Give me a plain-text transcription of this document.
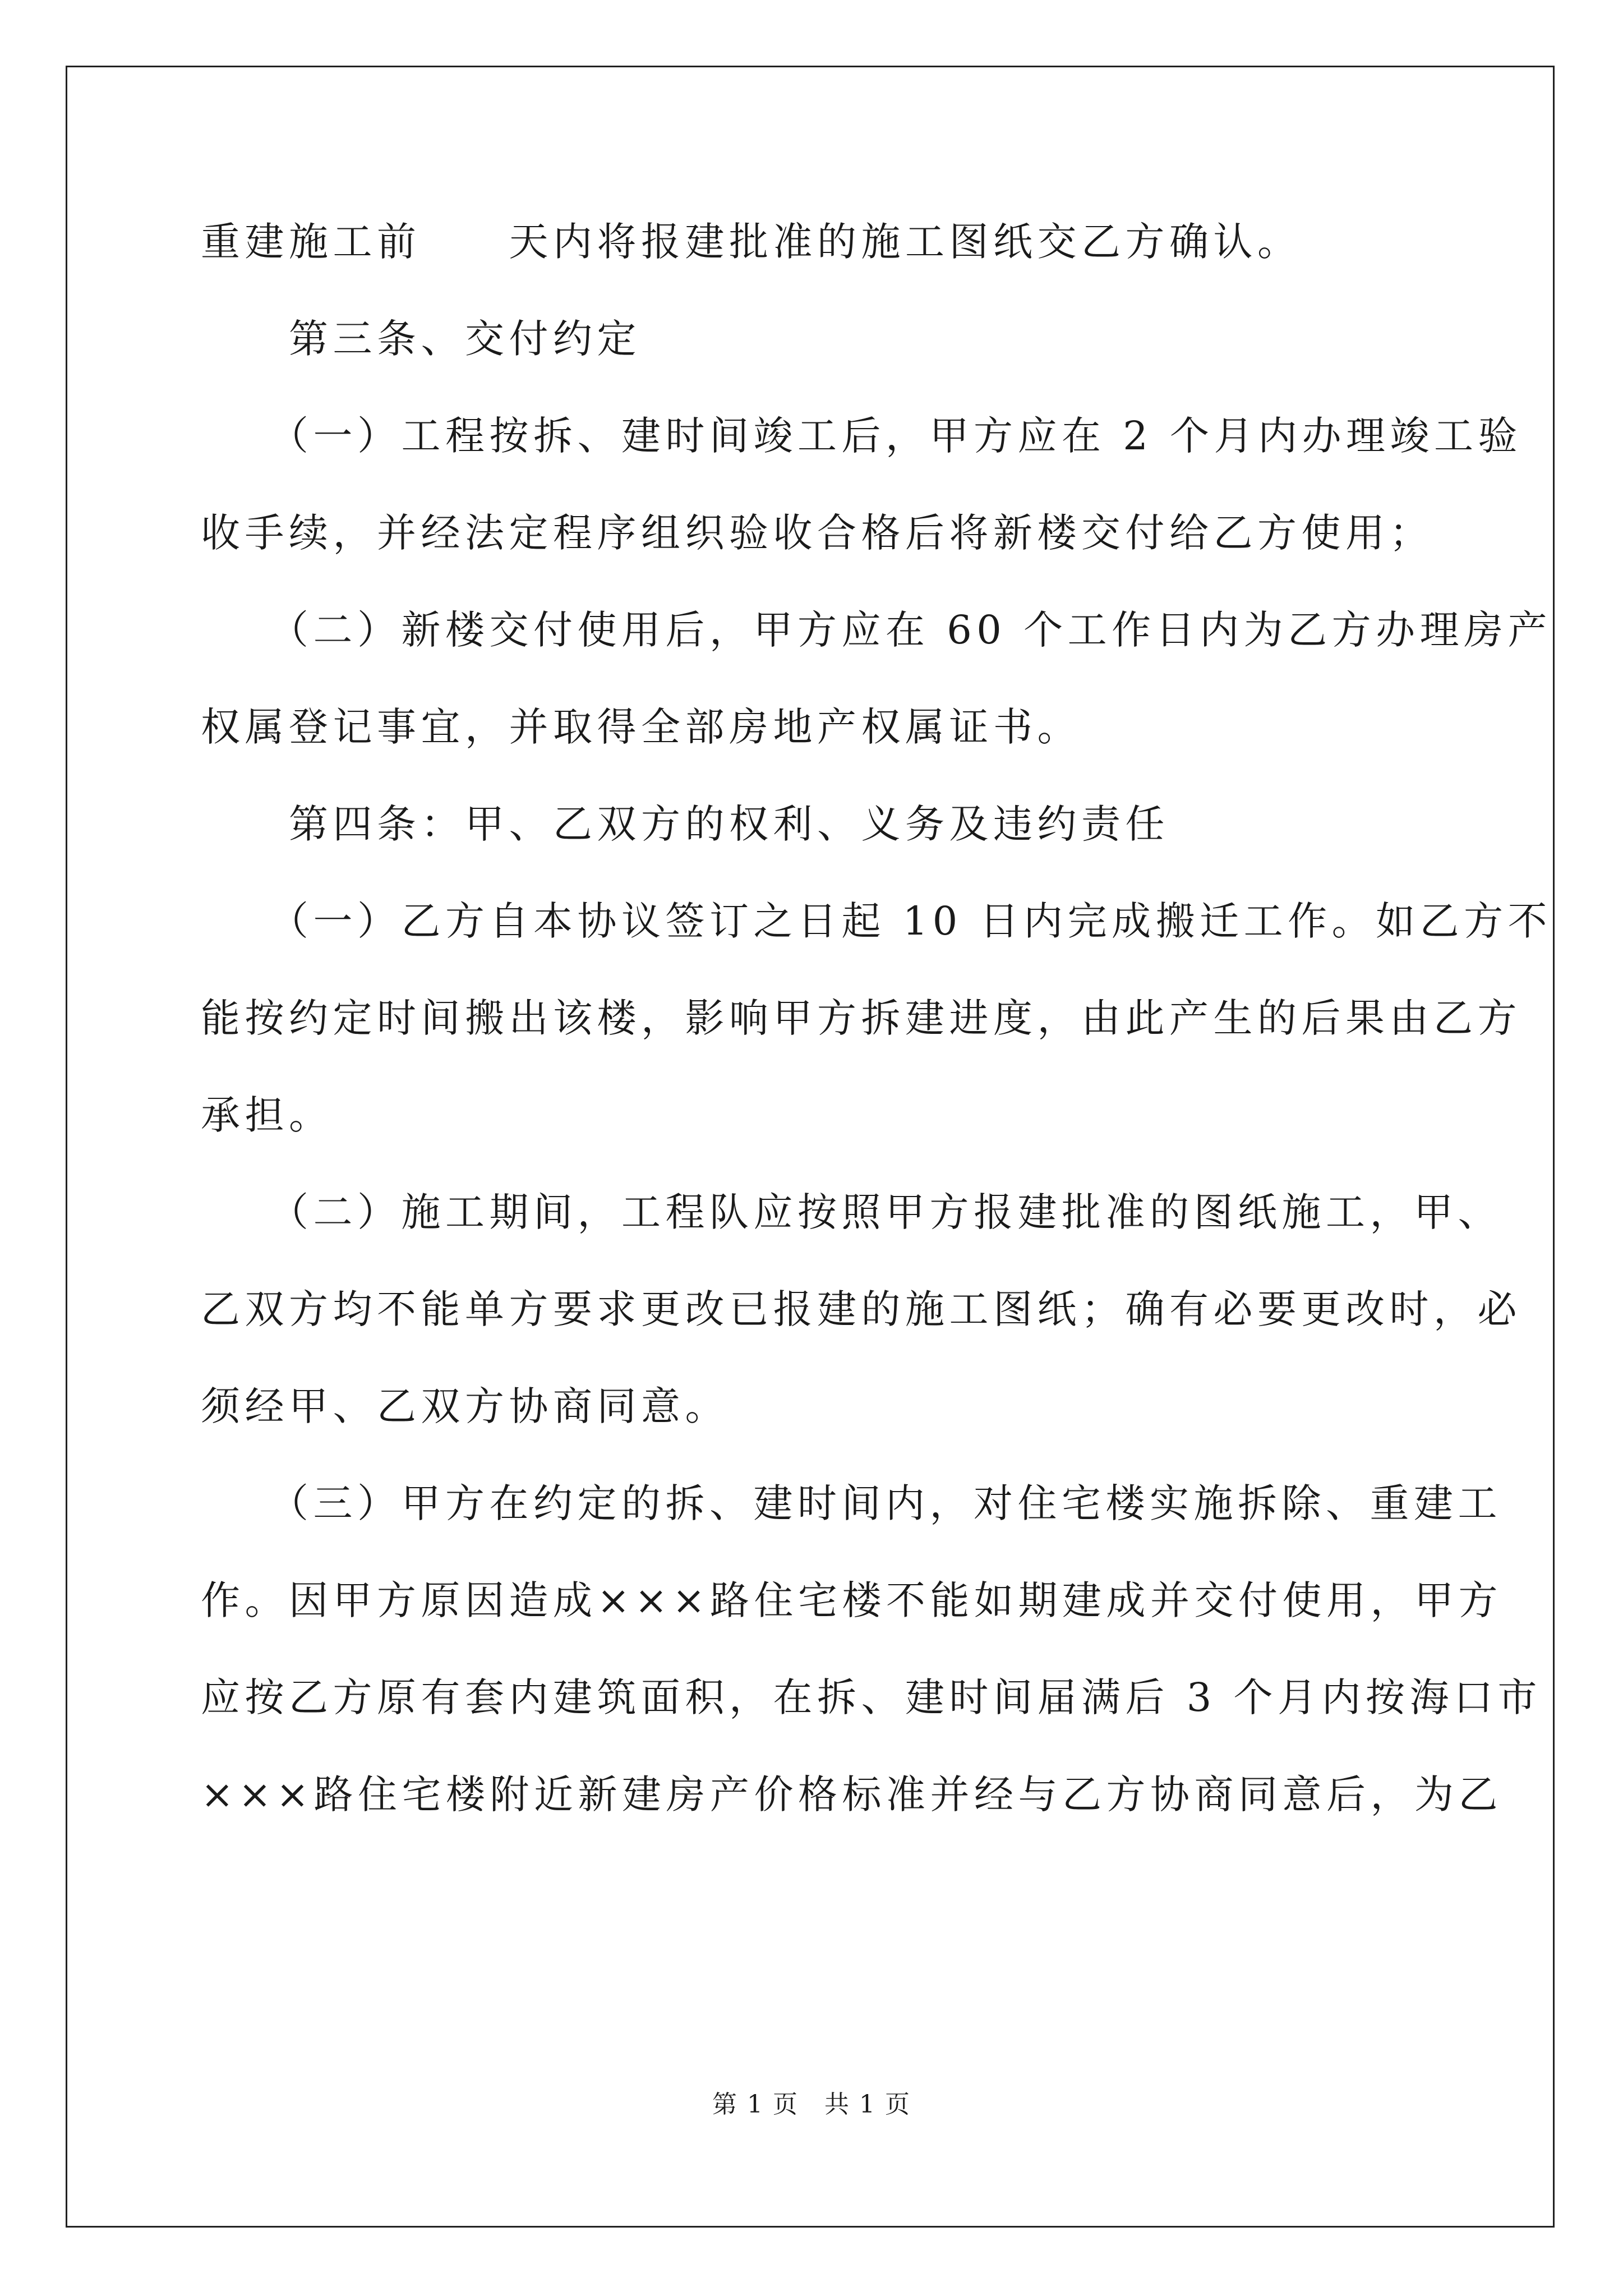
重建施工前　　天内将报建批准的施工图纸交乙方确认。

　　第三条、交付约定

　　（一）工程按拆、建时间竣工后，甲方应在 2 个月内办理竣工验

收手续，并经法定程序组织验收合格后将新楼交付给乙方使用；

　　（二）新楼交付使用后，甲方应在 60 个工作日内为乙方办理房产

权属登记事宜，并取得全部房地产权属证书。

　　第四条：甲、乙双方的权利、义务及违约责任

　　（一）乙方自本协议签订之日起 10 日内完成搬迁工作。如乙方不

能按约定时间搬出该楼，影响甲方拆建进度，由此产生的后果由乙方

承担。

　　（二）施工期间，工程队应按照甲方报建批准的图纸施工，甲、

乙双方均不能单方要求更改已报建的施工图纸；确有必要更改时，必

须经甲、乙双方协商同意。

　　（三）甲方在约定的拆、建时间内，对住宅楼实施拆除、重建工

作。因甲方原因造成×××路住宅楼不能如期建成并交付使用，甲方

应按乙方原有套内建筑面积，在拆、建时间届满后 3 个月内按海口市

×××路住宅楼附近新建房产价格标准并经与乙方协商同意后，为乙

第 1 页　共 1 页
